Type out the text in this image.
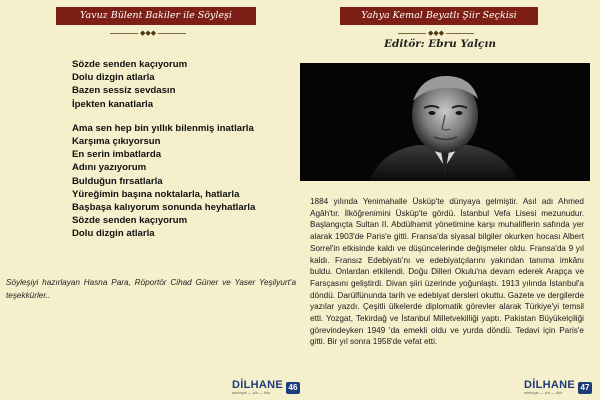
Yavuz Bülent Bakiler ile Söyleşi
◆◆◆
Sözde senden kaçıyorum
Dolu dizgin atlarla
Bazen sessiz sevdasın
İpekten kanatlarla
Ama sen hep bin yıllık bilenmiş inatlarla
Karşıma çıkıyorsun
En serin imbatlarda
Adını yazıyorum
Bulduğun fırsatlarla
Yüreğimin başına noktalarla, hatlarla
Başbaşa kalıyorum sonunda heyhatlarla
Sözde senden kaçıyorum
Dolu dizgin atlarla
Söyleşiyi hazırlayan Hasna Para, Röportör Cihad Güner ve Yaser Yeşilyurt'a teşekkürler..
DİLHANE
edebiyat — şiir — fikir
46
Yahya Kemal Beyatlı Şiir Seçkisi
◆◆◆
Editör: Ebru Yalçın
1884 yılında Yenimahalle Üsküp'te dünyaya gelmiştir. Asıl adı Ahmed Agâh'tır. İlköğrenimini Üsküp'te gördü. İstanbul Vefa Lisesi mezunudur. Başlangıçta Sultan II. Abdülhamit yönetimine karşı muhaliflerin safında yer alarak 1903'de Paris'e gitti. Fransa'da siyasal bilgiler okurken hocası Albert Sorrel'in etkisinde kaldı ve düşüncelerinde değişmeler oldu. Fransa'da 9 yıl kaldı. Fransız Edebiyatı'nı ve edebiyatçılarını yakından tanıma imkânı buldu. Onlardan etkilendi. Doğu Dilleri Okulu'na devam ederek Arapça ve Farsçasını geliştirdi. Divan şiiri üzerinde yoğunlaştı. 1913 yılında İstanbul'a döndü. Darülfünunda tarih ve edebiyat dersleri okuttu. Gazete ve dergilerde yazılar yazdı. Çeşitli ülkelerde diplomatik görevler alarak Türkiye'yi temsil etti. Yozgat, Tekirdağ ve İstanbul Milletvekilliği yaptı. Pakistan Büyükelçiliği görevindeyken 1949 'da emekli oldu ve yurda döndü. Tedavi için Paris'e gitti. Bir yıl sonra 1958'de vefat etti.
DİLHANE
edebiyat — şiir — fikir
47
